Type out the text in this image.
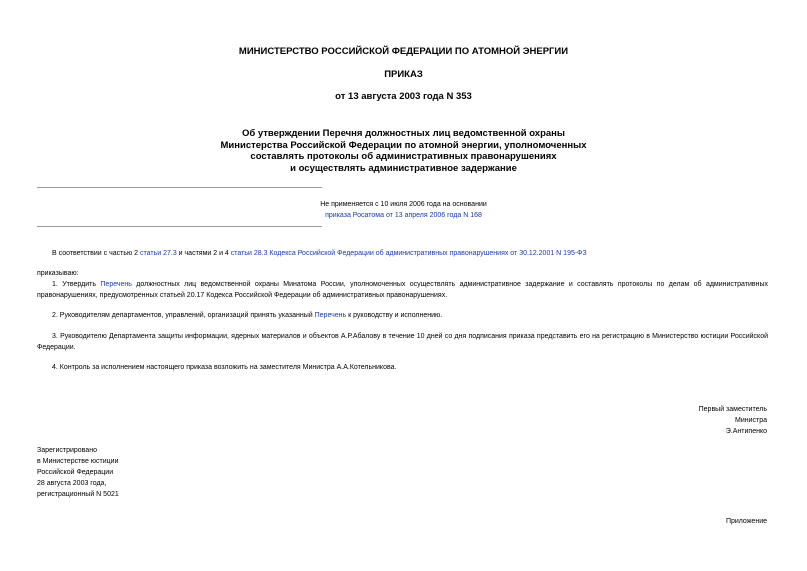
МИНИСТЕРСТВО РОССИЙСКОЙ ФЕДЕРАЦИИ ПО АТОМНОЙ ЭНЕРГИИ
ПРИКАЗ
от 13 августа 2003 года N 353
Об утверждении Перечня должностных лиц ведомственной охраны
Министерства Российской Федерации по атомной энергии, уполномоченных
составлять протоколы об административных правонарушениях
и осуществлять административное задержание
Не применяется с 10 июля 2006 года на основании
приказа Росатома от 13 апреля 2006 года N 168
В соответствии с частью 2 статьи 27.3 и частями 2 и 4 статьи 28.3 Кодекса Российской Федерации об административных правонарушениях от 30.12.2001 N 195-ФЗ
приказываю:
1. Утвердить Перечень должностных лиц ведомственной охраны Минатома России, уполномоченных осуществлять административное задержание и составлять протоколы по делам об административных правонарушениях, предусмотренных статьей 20.17 Кодекса Российской Федерации об административных правонарушениях.
2. Руководителям департаментов, управлений, организаций принять указанный Перечень к руководству и исполнению.
3. Руководителю Департамента защиты информации, ядерных материалов и объектов А.Р.Абалову в течение 10 дней со дня подписания приказа представить его на регистрацию в Министерство юстиции Российской Федерации.
4. Контроль за исполнением настоящего приказа возложить на заместителя Министра А.А.Котельникова.
Первый заместитель
Министра
Э.Антипенко
Зарегистрировано
в Министерстве юстиции
Российской Федерации
28 августа 2003 года,
регистрационный N 5021
Приложение
